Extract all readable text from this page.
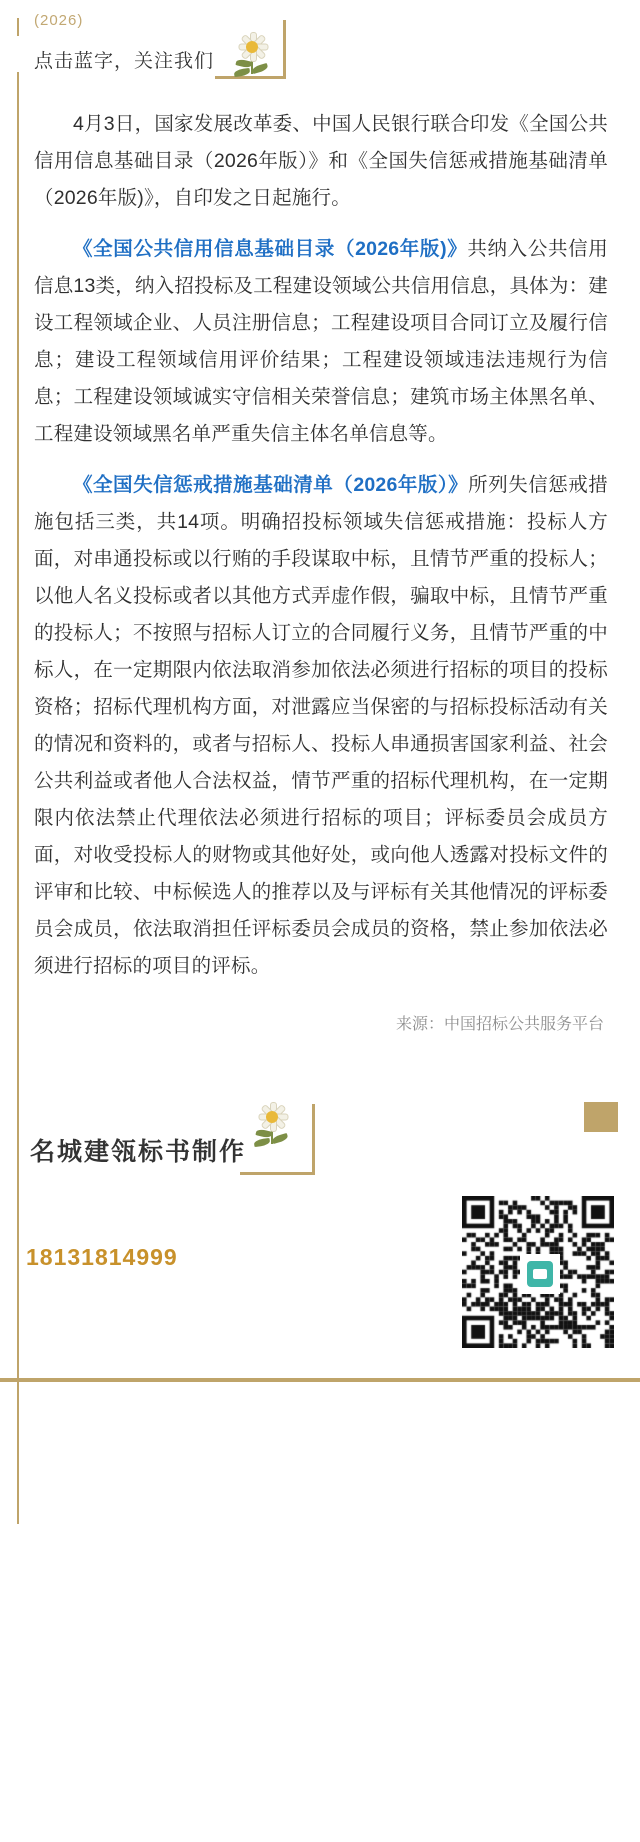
(2026)
点击蓝字，关注我们

4月3日，国家发展改革委、中国人民银行联合印发《全国公共信用信息基础目录（2026年版）》和《全国失信惩戒措施基础清单（2026年版)》，自印发之日起施行。

《全国公共信用信息基础目录（2026年版)》共纳入公共信用信息13类，纳入招投标及工程建设领域公共信用信息，具体为：建设工程领域企业、人员注册信息；工程建设项目合同订立及履行信息；建设工程领域信用评价结果；工程建设领域违法违规行为信息；工程建设领域诚实守信相关荣誉信息；建筑市场主体黑名单、工程建设领域黑名单严重失信主体名单信息等。

《全国失信惩戒措施基础清单（2026年版）》所列失信惩戒措施包括三类，共14项。明确招投标领域失信惩戒措施：投标人方面，对串通投标或以行贿的手段谋取中标，且情节严重的投标人；以他人名义投标或者以其他方式弄虚作假，骗取中标，且情节严重的投标人；不按照与招标人订立的合同履行义务，且情节严重的中标人，在一定期限内依法取消参加依法必须进行招标的项目的投标资格；招标代理机构方面，对泄露应当保密的与招标投标活动有关的情况和资料的，或者与招标人、投标人串通损害国家利益、社会公共利益或者他人合法权益，情节严重的招标代理机构，在一定期限内依法禁止代理依法必须进行招标的项目；评标委员会成员方面，对收受投标人的财物或其他好处，或向他人透露对投标文件的评审和比较、中标候选人的推荐以及与评标有关其他情况的评标委员会成员，依法取消担任评标委员会成员的资格，禁止参加依法必须进行招标的项目的评标。

来源：中国招标公共服务平台

名城建瓴标书制作
18131814999
